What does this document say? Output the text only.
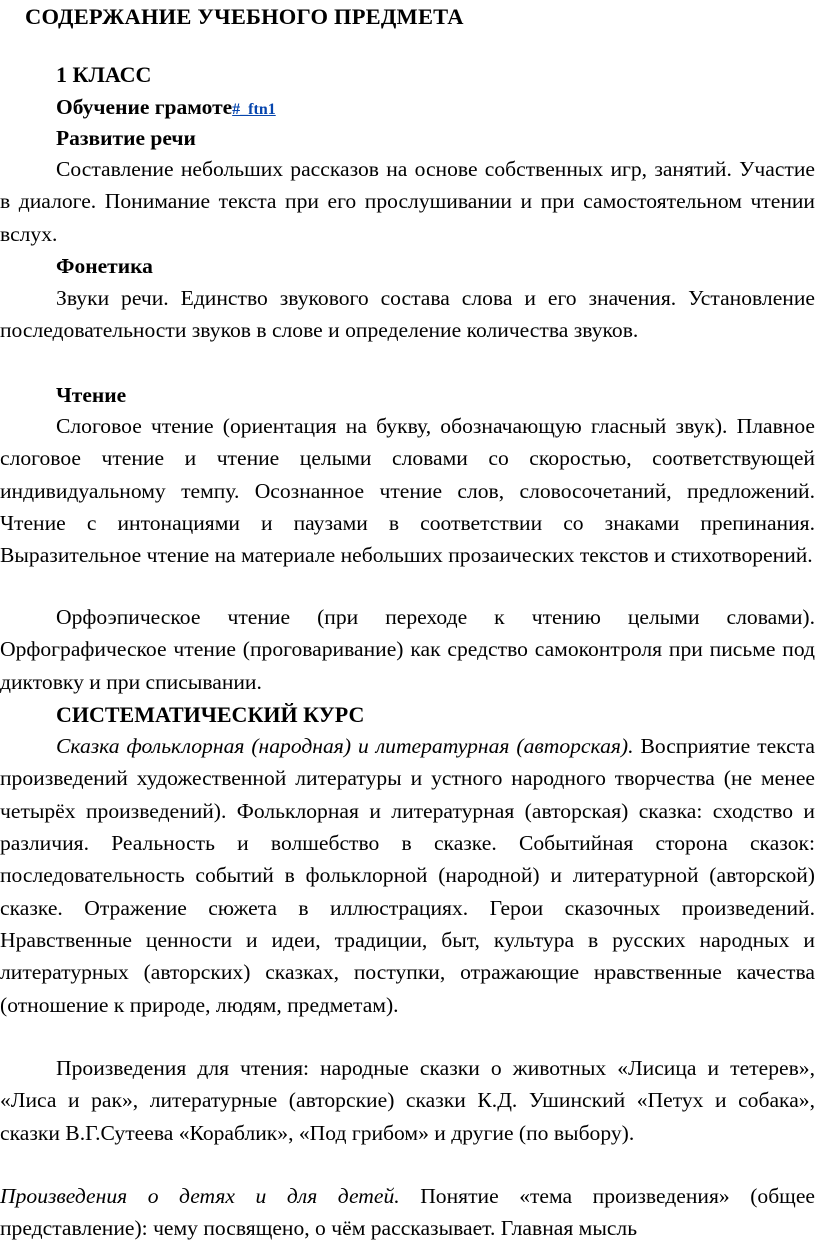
СОДЕРЖАНИЕ УЧЕБНОГО ПРЕДМЕТА
1 КЛАСС
Обучение грамоте#_ftn1
Развитие речи

Составление небольших рассказов на основе собственных игр, занятий. Участие в диалоге. Понимание текста при его прослушивании и при самостоятельном чтении вслух.

Фонетика

Звуки речи. Единство звукового состава слова и его значения. Установление последовательности звуков в слове и определение количества звуков.

Чтение

Слоговое чтение (ориентация на букву, обозначающую гласный звук). Плавное слоговое чтение и чтение целыми словами со скоростью, соответствующей индивидуальному темпу. Осознанное чтение слов, словосочетаний, предложений. Чтение с интонациями и паузами в соответствии со знаками препинания. Выразительное чтение на материале небольших прозаических текстов и стихотворений.

Орфоэпическое чтение (при переходе к чтению целыми словами). Орфографическое чтение (проговаривание) как средство самоконтроля при письме под диктовку и при списывании.

СИСТЕМАТИЧЕСКИЙ КУРС

Сказка фольклорная (народная) и литературная (авторская). Восприятие текста произведений художественной литературы и устного народного творчества (не менее четырёх произведений). Фольклорная и литературная (авторская) сказка: сходство и различия. Реальность и волшебство в сказке. Событийная сторона сказок: последовательность событий в фольклорной (народной) и литературной (авторской) сказке. Отражение сюжета в иллюстрациях. Герои сказочных произведений. Нравственные ценности и идеи, традиции, быт, культура в русских народных и литературных (авторских) сказках, поступки, отражающие нравственные качества (отношение к природе, людям, предметам).

Произведения для чтения: народные сказки о животных «Лисица и тетерев», «Лиса и рак», литературные (авторские) сказки К.Д. Ушинский «Петух и собака», сказки В.Г.Сутеева «Кораблик», «Под грибом» и другие (по выбору).

Произведения о детях и для детей. Понятие «тема произведения» (общее представление): чему посвящено, о чём рассказывает. Главная мысль
